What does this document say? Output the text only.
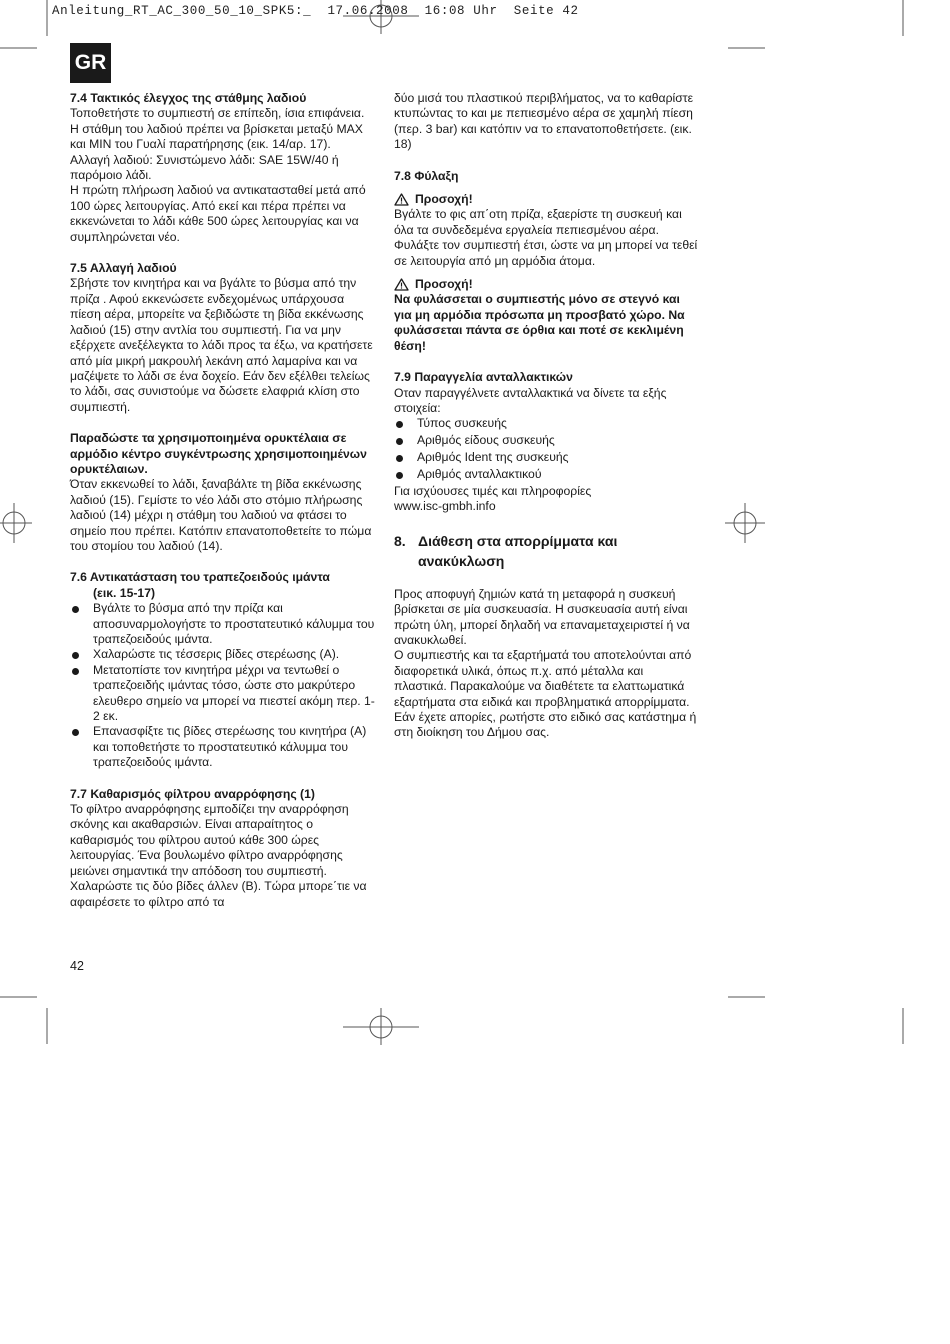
Anleitung_RT_AC_300_50_10_SPK5:_  17.06.2008  16:08 Uhr  Seite 42
GR

7.4 Τακτικός έλεγχος της στάθμης λαδιού

Τοποθετήστε το συμπιεστή σε επίπεδη, ίσια επιφάνεια. Η στάθμη του λαδιού πρέπει να βρίσκεται μεταξύ MAX και MIN του Γυαλί παρατήρησης (εικ. 14/αρ. 17).

Αλλαγή λαδιού: Συνιστώμενο λάδι: SAE 15W/40 ή παρόμοιο λάδι.

Η πρώτη πλήρωση λαδιού να αντικατασταθεί μετά από 100 ώρες λειτουργίας. Από εκεί και πέρα πρέπει να εκκενώνεται το λάδι κάθε 500 ώρες λειτουργίας και να συμπληρώνεται νέο.

7.5 Αλλαγή λαδιού

Σβήστε τον κινητήρα και να βγάλτε το βύσμα από την πρίζα . Αφού εκκενώσετε ενδεχομένως υπάρχουσα πίεση αέρα, μπορείτε να ξεβιδώστε τη βίδα εκκένωσης λαδιού (15) στην αντλία του συμπιεστή. Για να μην εξέρχετε ανεξέλεγκτα το λάδι προς τα έξω, να κρατήσετε από μία μικρή μακρουλή λεκάνη από λαμαρίνα και να μαζέψετε το λάδι σε ένα δοχείο. Εάν δεν εξέλθει τελείως το λάδι, σας συνιστούμε να δώσετε ελαφριά κλίση στο συμπιεστή.

Παραδώστε τα χρησιμοποιημένα ορυκτέλαια σε αρμόδιο κέντρο συγκέντρωσης χρησιμοποιημένων ορυκτέλαιων.

Όταν εκκενωθεί το λάδι, ξαναβάλτε τη βίδα εκκένωσης λαδιού (15). Γεμίστε το νέο λάδι στο στόμιο πλήρωσης λαδιού (14) μέχρι η στάθμη του λαδιού να φτάσει το σημείο που πρέπει. Κατόπιν επανατοποθετείτε το πώμα του στομίου του λαδιού (14).

7.6 Αντικατάσταση του τραπεζοειδούς ιμάντα

(εικ. 15-17)

Βγάλτε το βύσμα από την πρίζα και αποσυναρμολογήστε το προστατευτικό κάλυμμα του τραπεζοειδούς ιμάντα.
Χαλαρώστε τις τέσσερις βίδες στερέωσης (Α).
Μετατοπίστε τον κινητήρα μέχρι να τεντωθεί ο τραπεζοειδής ιμάντας τόσο, ώστε στο μακρύτερο ελευθερο σημείο να μπορεί να πιεστεί ακόμη περ. 1-2 εκ.
Επανασφίξτε τις βίδες στερέωσης του κινητήρα (Α) και τοποθετήστε το προστατευτικό κάλυμμα του τραπεζοειδούς ιμάντα.

7.7 Καθαρισμός φίλτρου αναρρόφησης (1)

Το φίλτρο αναρρόφησης εμποδίζει την αναρρόφηση σκόνης και ακαθαρσιών. Είναι απαραίτητος ο καθαρισμός του φίλτρου αυτού κάθε 300 ώρες λειτουργίας. Ένα βουλωμένο φίλτρο αναρρόφησης μειώνει σημαντικά την απόδοση του συμπιεστή. Χαλαρώστε τις δύο βίδες άλλεν (Β). Τώρα μπορε΄τιε να αφαιρέσετε το φίλτρο από τα

δύο μισά του πλαστικού περιβλήματος, να το καθαρίστε κτυπώντας το και με πεπιεσμένο αέρα σε χαμηλή πίεση (περ. 3 bar) και κατόπιν να το επανατοποθετήσετε. (εικ. 18)

7.8 Φύλαξη

Προσοχή!

Βγάλτε το φις απ΄οτη πρίζα, εξαερίστε τη συσκευή και όλα τα συνδεδεμένα εργαλεία πεπιεσμένου αέρα. Φυλάξτε τον συμπιεστή έτσι, ώστε να μη μπορεί να τεθεί σε λειτουργία από μη αρμόδια άτομα.

Προσοχή!

Να φυλάσσεται ο συμπιεστής μόνο σε στεγνό και για μη αρμόδια πρόσωπα μη προσβατό χώρο. Να φυλάσσεται πάντα σε όρθια και ποτέ σε κεκλιμένη θέση!

7.9 Παραγγελία ανταλλακτικών

Οταν παραγγέλνετε ανταλλακτικά να δίνετε τα εξής στοιχεία:

Τύπος συσκευής
Αριθμός είδους συσκευής
Αριθμός Ident της συσκευής
Αριθμός ανταλλακτικού

Για ισχύουσες τιμές και πληροφορίες

www.isc-gmbh.info

8. Διάθεση στα απορρίμματα και
ανακύκλωση

Προς αποφυγή ζημιών κατά τη μεταφορά η συσκευή βρίσκεται σε μία συσκευασία. Η συσκευασία αυτή είναι πρώτη ύλη, μπορεί δηλαδή να επαναμεταχειριστεί ή να ανακυκλωθεί.

Ο συμπιεστής και τα εξαρτήματά του αποτελούνται από διαφορετικά υλικά, όπως π.χ. από μέταλλα και πλαστικά. Παρακαλούμε να διαθέτετε τα ελαττωματικά εξαρτήματα στα ειδικά και προβληματικά απορρίμματα. Εάν έχετε απορίες, ρωτήστε στο ειδικό σας κατάστημα ή στη διοίκηση του Δήμου σας.

42
